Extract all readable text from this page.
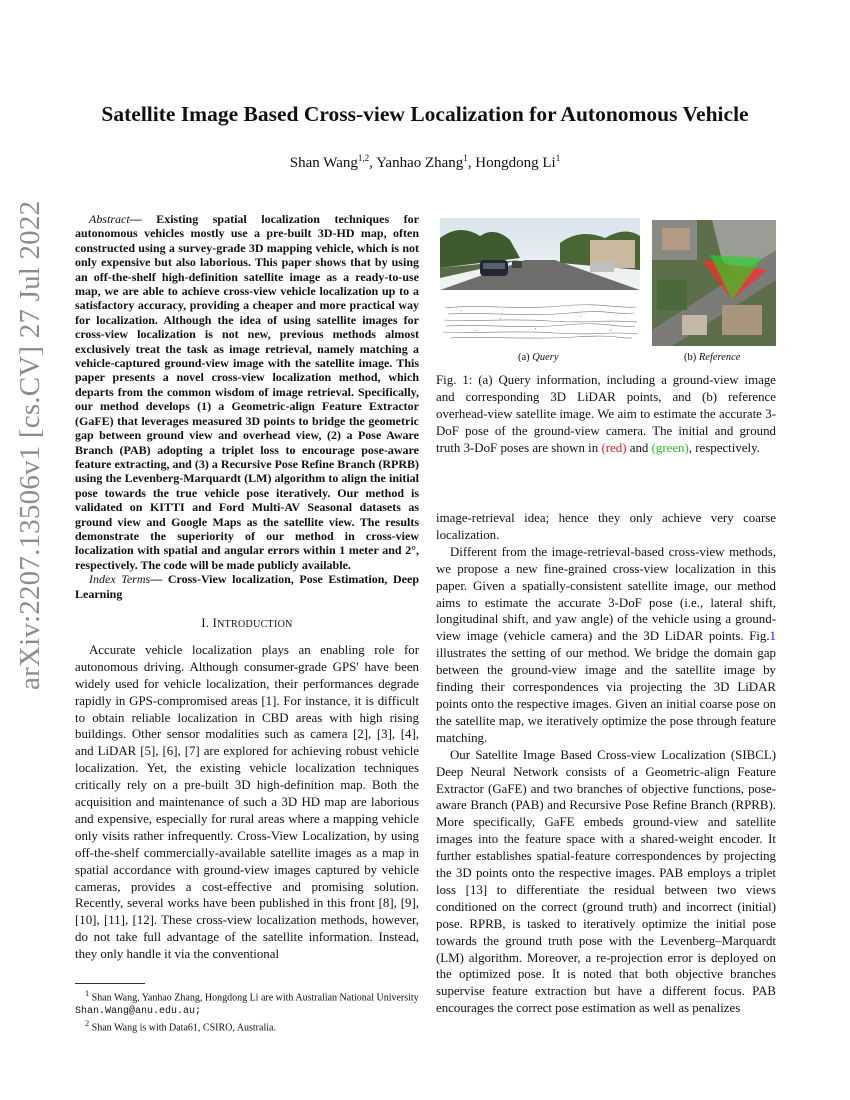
arXiv:2207.13506v1 [cs.CV] 27 Jul 2022
Satellite Image Based Cross-view Localization for Autonomous Vehicle
Shan Wang$^{1,2}$, Yanhao Zhang$^1$, Hongdong Li$^1$

Abstract— Existing spatial localization techniques for autonomous vehicles mostly use a pre-built 3D-HD map, often constructed using a survey-grade 3D mapping vehicle, which is not only expensive but also laborious. This paper shows that by using an off-the-shelf high-definition satellite image as a ready-to-use map, we are able to achieve cross-view vehicle localization up to a satisfactory accuracy, providing a cheaper and more practical way for localization. Although the idea of using satellite images for cross-view localization is not new, previous methods almost exclusively treat the task as image retrieval, namely matching a vehicle-captured ground-view image with the satellite image. This paper presents a novel cross-view localization method, which departs from the common wisdom of image retrieval. Specifically, our method develops (1) a Geometric-align Feature Extractor (GaFE) that leverages measured 3D points to bridge the geometric gap between ground view and overhead view, (2) a Pose Aware Branch (PAB) adopting a triplet loss to encourage pose-aware feature extracting, and (3) a Recursive Pose Refine Branch (RPRB) using the Levenberg-Marquardt (LM) algorithm to align the initial pose towards the true vehicle pose iteratively. Our method is validated on KITTI and Ford Multi-AV Seasonal datasets as ground view and Google Maps as the satellite view. The results demonstrate the superiority of our method in cross-view localization with spatial and angular errors within 1 meter and 2°, respectively. The code will be made publicly available.

Index Terms— Cross-View localization, Pose Estimation, Deep Learning

I. INTRODUCTION

Accurate vehicle localization plays an enabling role for autonomous driving. Although consumer-grade GPS' have been widely used for vehicle localization, their performances degrade rapidly in GPS-compromised areas [1]. For instance, it is difficult to obtain reliable localization in CBD areas with high rising buildings. Other sensor modalities such as camera [2], [3], [4], and LiDAR [5], [6], [7] are explored for achieving robust vehicle localization. Yet, the existing vehicle localization techniques critically rely on a pre-built 3D high-definition map. Both the acquisition and maintenance of such a 3D HD map are laborious and expensive, especially for rural areas where a mapping vehicle only visits rather infrequently. Cross-View Localization, by using off-the-shelf commercially-available satellite images as a map in spatial accordance with ground-view images captured by vehicle cameras, provides a cost-effective and promising solution. Recently, several works have been published in this front [8], [9], [10], [11], [12]. These cross-view localization methods, however, do not take full advantage of the satellite information. Instead, they only handle it via the conventional

$^1$ Shan Wang, Yanhao Zhang, Hongdong Li are with Australian National University Shan.Wang@anu.edu.au;

$^2$ Shan Wang is with Data61, CSIRO, Australia.

(a) Query	(b) Reference
Fig. 1: (a) Query information, including a ground-view image and corresponding 3D LiDAR points, and (b) reference overhead-view satellite image. We aim to estimate the accurate 3-DoF pose of the ground-view camera. The initial and ground truth 3-DoF poses are shown in (red) and (green), respectively.

image-retrieval idea; hence they only achieve very coarse localization.

Different from the image-retrieval-based cross-view methods, we propose a new fine-grained cross-view localization in this paper. Given a spatially-consistent satellite image, our method aims to estimate the accurate 3-DoF pose (i.e., lateral shift, longitudinal shift, and yaw angle) of the vehicle using a ground-view image (vehicle camera) and the 3D LiDAR points. Fig.1 illustrates the setting of our method. We bridge the domain gap between the ground-view image and the satellite image by finding their correspondences via projecting the 3D LiDAR points onto the respective images. Given an initial coarse pose on the satellite map, we iteratively optimize the pose through feature matching.

Our Satellite Image Based Cross-view Localization (SIBCL) Deep Neural Network consists of a Geometric-align Feature Extractor (GaFE) and two branches of objective functions, pose-aware Branch (PAB) and Recursive Pose Refine Branch (RPRB). More specifically, GaFE embeds ground-view and satellite images into the feature space with a shared-weight encoder. It further establishes spatial-feature correspondences by projecting the 3D points onto the respective images. PAB employs a triplet loss [13] to differentiate the residual between two views conditioned on the correct (ground truth) and incorrect (initial) pose. RPRB, is tasked to iteratively optimize the initial pose towards the ground truth pose with the Levenberg–Marquardt (LM) algorithm. Moreover, a re-projection error is deployed on the optimized pose. It is noted that both objective branches supervise feature extraction but have a different focus. PAB encourages the correct pose estimation as well as penalizes
